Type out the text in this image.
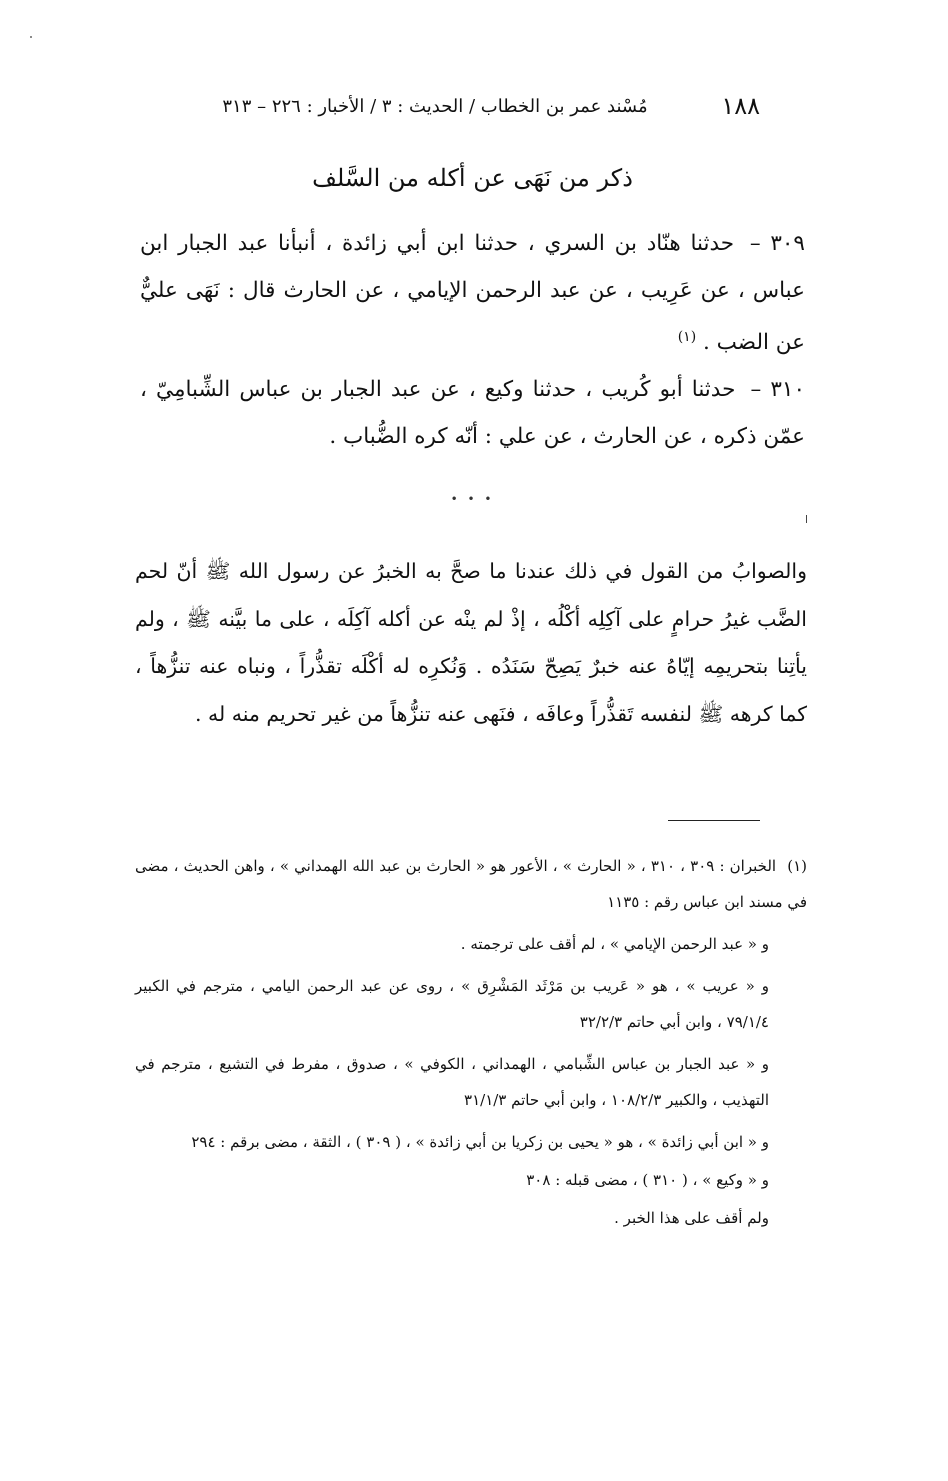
١٨٨
مُسْند عمر بن الخطاب / الحديث : ٣ / الأخبار : ٢٢٦ – ٣١٣
ذكر من نَهَى عن أكله من السَّلف
٣٠٩ – حدثنا هنّاد بن السري ، حدثنا ابن أبي زائدة ، أنبأنا عبد الجبار ابن عباس ، عن عَرِيب ، عن عبد الرحمن الإيامي ، عن الحارث قال : نَهَى عليٌّ عن الضب . $^{(١)}$
٣١٠ – حدثنا أبو كُريب ، حدثنا وكيع ، عن عبد الجبار بن عباس الشِّبامِيّ ، عمّن ذكره ، عن الحارث ، عن علي : أنّه كره الضُّباب .
• • •
والصوابُ من القول في ذلك عندنا ما صحَّ به الخبرُ عن رسول الله ﷺ أنّ لحم الضَّب غيرُ حرامٍ على آكِلِه أكْلُه ، إذْ لم ينْه عن أكله آكِلَه ، على ما بيَّنه ﷺ ، ولم يأتِنا بتحريمِه إيّاهُ عنه خبرٌ يَصِحّ سَنَدُه . وَنُكرِه له أكْلَه تقذُّراً ، ونباه عنه تنزُّهاً ، كما كرهه ﷺ لنفسه تَقذُّراً وعافَه ، فنَهى عنه تنزُّهاً من غير تحريم منه له .
(١) الخبران : ٣٠٩ ، ٣١٠ ، « الحارث » ، الأعور هو « الحارث بن عبد الله الهمداني » ، واهن الحديث ، مضى في مسند ابن عباس رقم : ١١٣٥
و « عبد الرحمن الإيامي » ، لم أقف على ترجمته .
و « عريب » ، هو « عَريب بن مَرْثَد المَشْرِق » ، روى عن عبد الرحمن اليامي ، مترجم في الكبير ٧٩/١/٤ ، وابن أبي حاتم ٣٢/٢/٣
و « عبد الجبار بن عباس الشِّبامي ، الهمداني ، الكوفي » ، صدوق ، مفرط في التشيع ، مترجم في التهذيب ، والكبير ١٠٨/٢/٣ ، وابن أبي حاتم ٣١/١/٣
و « ابن أبي زائدة » ، هو « يحيى بن زكريا بن أبي زائدة » ، ( ٣٠٩ ) ، الثقة ، مضى برقم : ٢٩٤
و « وكيع » ، ( ٣١٠ ) ، مضى قبله : ٣٠٨
ولم أقف على هذا الخبر .
